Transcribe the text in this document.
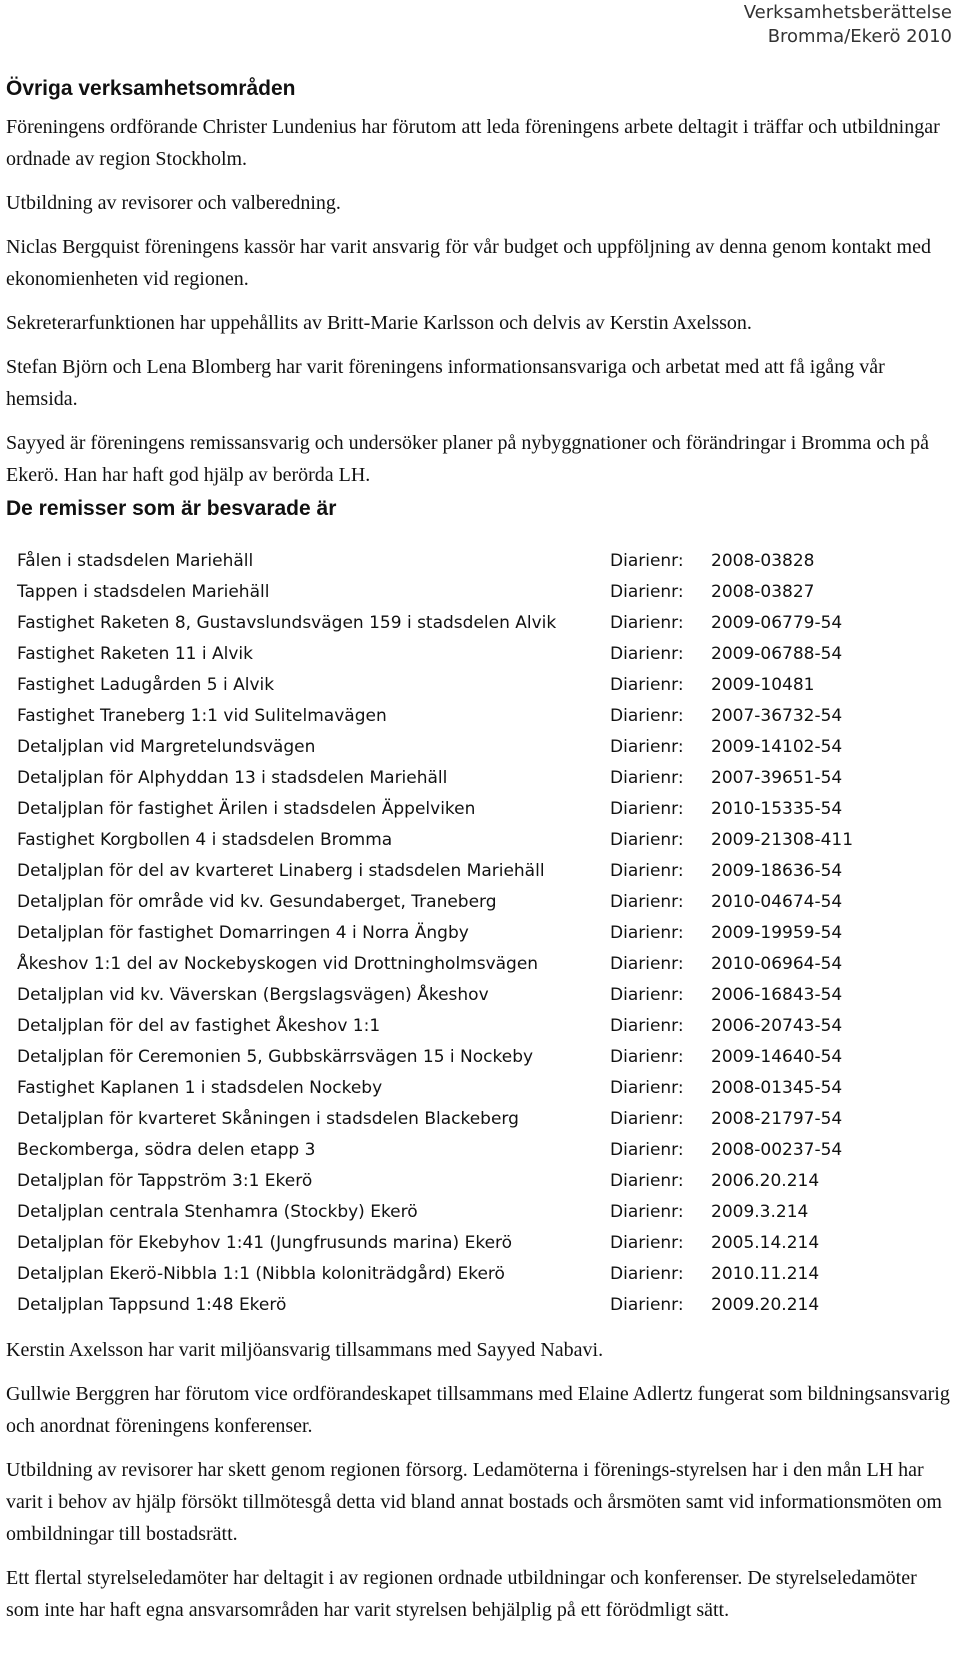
Verksamhetsberättelse
Bromma/Ekerö 2010
Övriga verksamhetsområden

Föreningens ordförande Christer Lundenius har förutom att leda föreningens arbete deltagit i träffar och utbildningar ordnade av region Stockholm.

Utbildning av revisorer och valberedning.

Niclas Bergquist föreningens kassör har varit ansvarig för vår budget och uppföljning av denna genom kontakt med ekonomienheten vid regionen.

Sekreterarfunktionen har uppehållits av Britt-Marie Karlsson och delvis av Kerstin Axelsson.

Stefan Björn och Lena Blomberg har varit föreningens informationsansvariga och arbetat med att få igång vår hemsida.

Sayyed är föreningens remissansvarig och undersöker planer på nybyggnationer och förändringar i Bromma och på Ekerö. Han har haft god hjälp av berörda LH.

De remisser som är besvarade är
Fålen i stadsdelen Mariehäll	Diarienr:	2008-03828
Tappen i stadsdelen Mariehäll	Diarienr:	2008-03827
Fastighet Raketen 8, Gustavslundsvägen 159 i stadsdelen Alvik	Diarienr:	2009-06779-54
Fastighet Raketen 11 i Alvik	Diarienr:	2009-06788-54
Fastighet Ladugården 5 i Alvik	Diarienr:	2009-10481
Fastighet Traneberg 1:1 vid Sulitelmavägen	Diarienr:	2007-36732-54
Detaljplan vid Margretelundsvägen	Diarienr:	2009-14102-54
Detaljplan för Alphyddan 13 i stadsdelen Mariehäll	Diarienr:	2007-39651-54
Detaljplan för fastighet Ärilen i stadsdelen Äppelviken	Diarienr:	2010-15335-54
Fastighet Korgbollen 4 i stadsdelen Bromma	Diarienr:	2009-21308-411
Detaljplan för del av kvarteret Linaberg i stadsdelen Mariehäll	Diarienr:	2009-18636-54
Detaljplan för område vid kv. Gesundaberget, Traneberg	Diarienr:	2010-04674-54
Detaljplan för fastighet Domarringen 4 i Norra Ängby	Diarienr:	2009-19959-54
Åkeshov 1:1 del av Nockebyskogen vid Drottningholmsvägen	Diarienr:	2010-06964-54
Detaljplan vid kv. Väverskan (Bergslagsvägen) Åkeshov	Diarienr:	2006-16843-54
Detaljplan för del av fastighet Åkeshov 1:1	Diarienr:	2006-20743-54
Detaljplan för Ceremonien 5, Gubbskärrsvägen 15 i Nockeby	Diarienr:	2009-14640-54
Fastighet Kaplanen 1 i stadsdelen Nockeby	Diarienr:	2008-01345-54
Detaljplan för kvarteret Skåningen i stadsdelen Blackeberg	Diarienr:	2008-21797-54
Beckomberga, södra delen etapp 3	Diarienr:	2008-00237-54
Detaljplan för Tappström 3:1 Ekerö	Diarienr:	2006.20.214
Detaljplan centrala Stenhamra (Stockby) Ekerö	Diarienr:	2009.3.214
Detaljplan för Ekebyhov 1:41 (Jungfrusunds marina) Ekerö	Diarienr:	2005.14.214
Detaljplan Ekerö-Nibbla 1:1 (Nibbla koloniträdgård) Ekerö	Diarienr:	2010.11.214
Detaljplan Tappsund 1:48 Ekerö	Diarienr:	2009.20.214

Kerstin Axelsson har varit miljöansvarig tillsammans med Sayyed Nabavi.

Gullwie Berggren har förutom vice ordförandeskapet tillsammans med Elaine Adlertz fungerat som bildningsansvarig och anordnat föreningens konferenser.

Utbildning av revisorer har skett genom regionen försorg. Ledamöterna i förenings-styrelsen har i den mån LH har varit i behov av hjälp försökt tillmötesgå detta vid bland annat bostads och årsmöten samt vid informationsmöten om ombildningar till bostadsrätt.

Ett flertal styrelseledamöter har deltagit i av regionen ordnade utbildningar och konferenser. De styrelseledamöter som inte har haft egna ansvarsområden har varit styrelsen behjälplig på ett förödmligt sätt.
